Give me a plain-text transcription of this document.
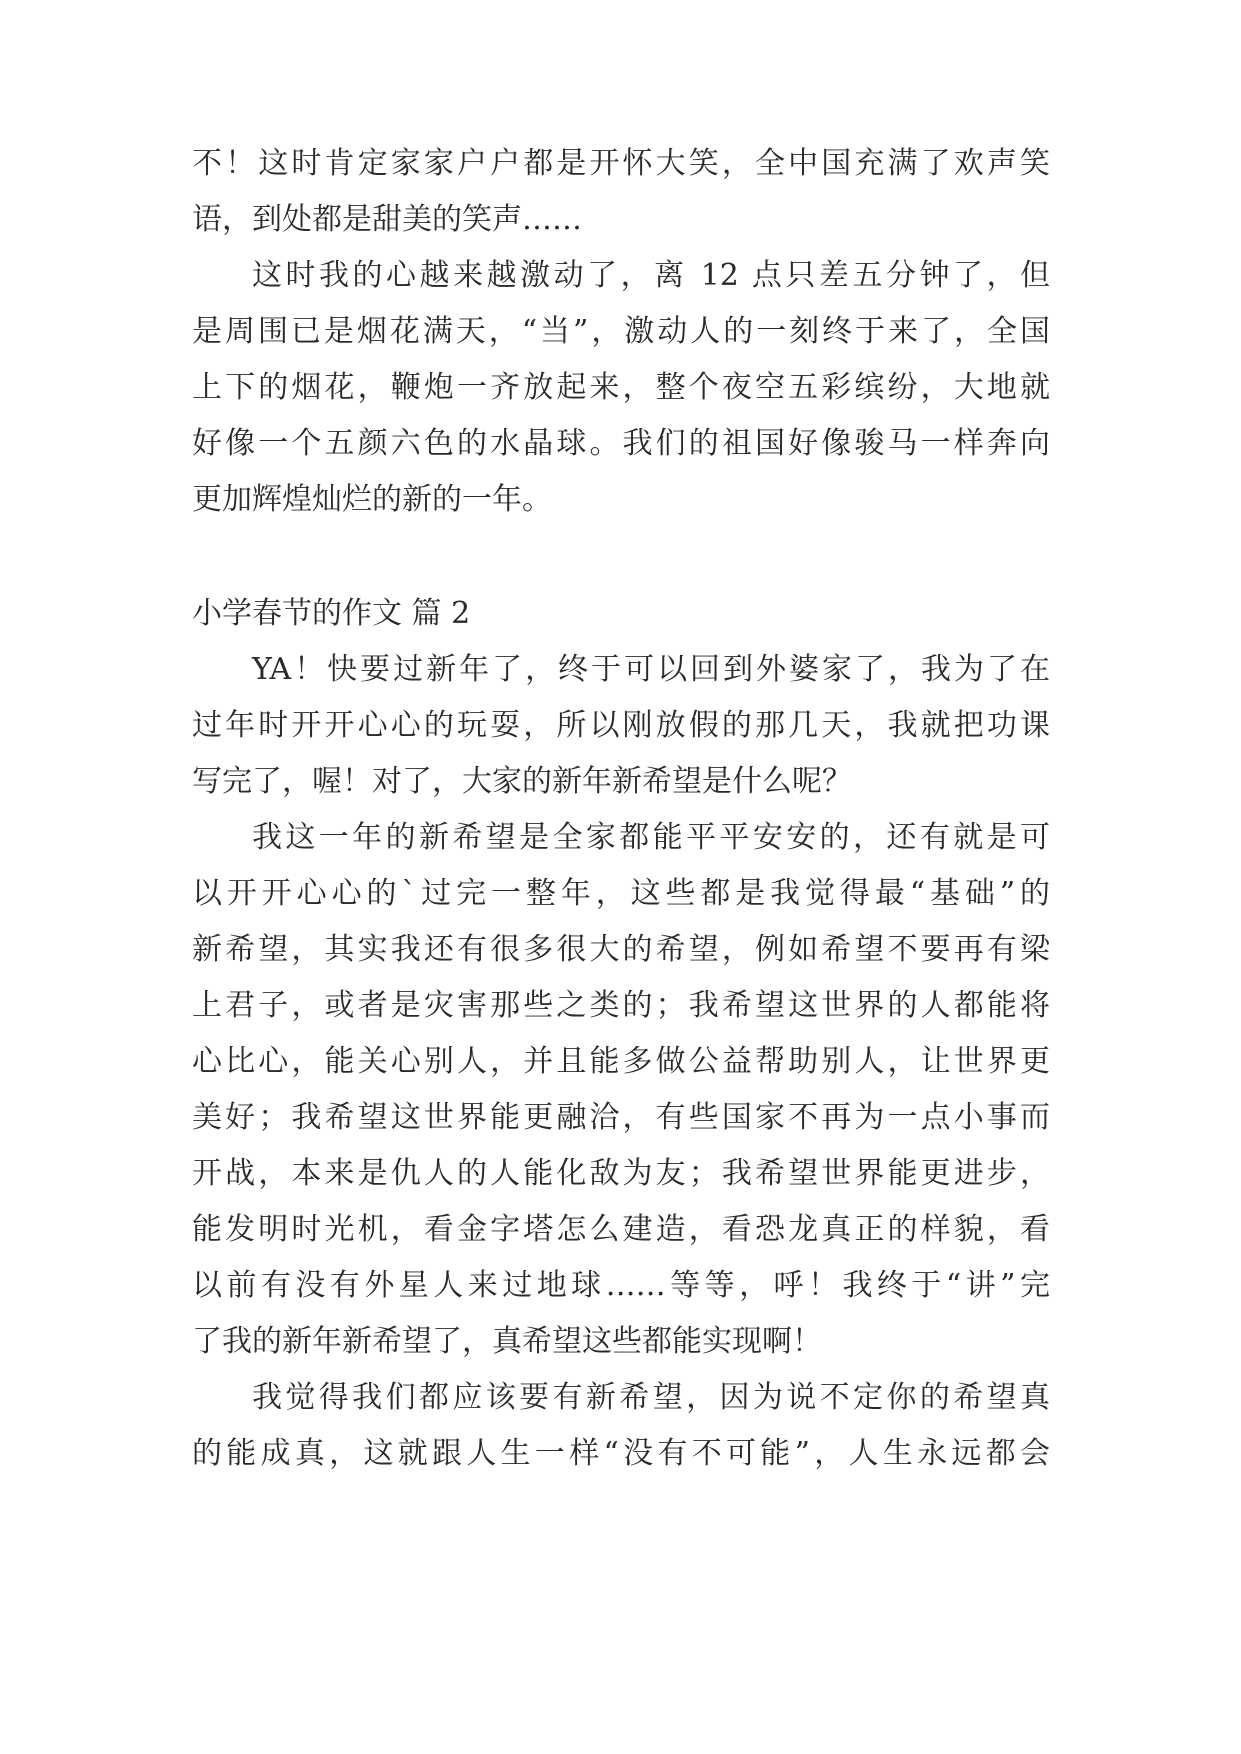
不！这时肯定家家户户都是开怀大笑，全中国充满了欢声笑
语，到处都是甜美的笑声……
这时我的心越来越激动了，离 12 点只差五分钟了，但
是周围已是烟花满天，“当”，激动人的一刻终于来了，全国
上下的烟花，鞭炮一齐放起来，整个夜空五彩缤纷，大地就
好像一个五颜六色的水晶球。我们的祖国好像骏马一样奔向
更加辉煌灿烂的新的一年。
小学春节的作文 篇 2
YA！快要过新年了，终于可以回到外婆家了，我为了在
过年时开开心心的玩耍，所以刚放假的那几天，我就把功课
写完了，喔！对了，大家的新年新希望是什么呢？
我这一年的新希望是全家都能平平安安的，还有就是可
以开开心心的`过完一整年，这些都是我觉得最“基础”的
新希望，其实我还有很多很大的希望，例如希望不要再有梁
上君子，或者是灾害那些之类的；我希望这世界的人都能将
心比心，能关心别人，并且能多做公益帮助别人，让世界更
美好；我希望这世界能更融洽，有些国家不再为一点小事而
开战，本来是仇人的人能化敌为友；我希望世界能更进步，
能发明时光机，看金字塔怎么建造，看恐龙真正的样貌，看
以前有没有外星人来过地球……等等，呼！我终于“讲”完
了我的新年新希望了，真希望这些都能实现啊！
我觉得我们都应该要有新希望，因为说不定你的希望真
的能成真，这就跟人生一样“没有不可能”，人生永远都会
